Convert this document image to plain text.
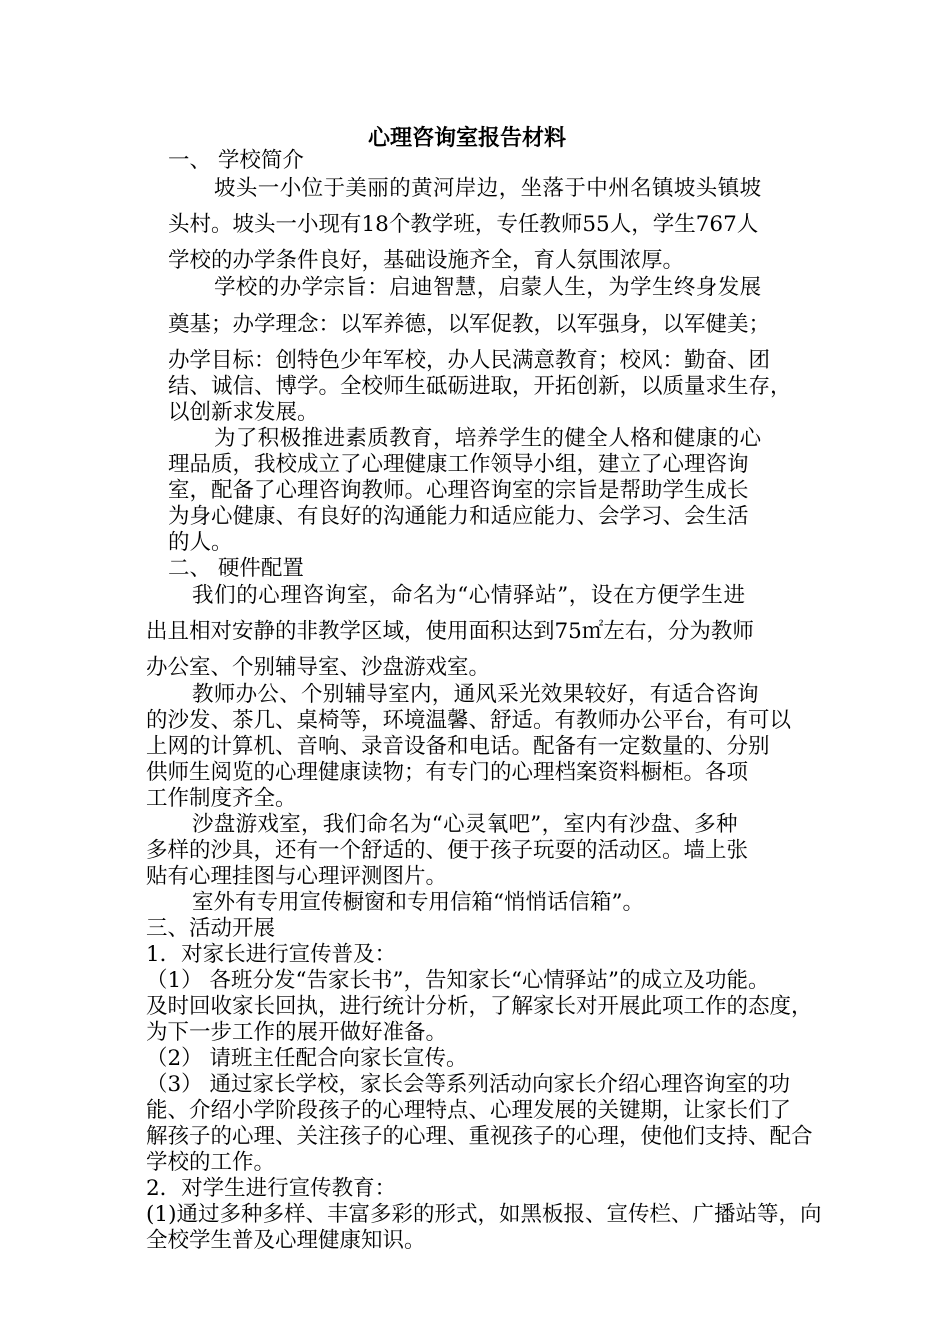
心理咨询室报告材料
一、 学校简介
坡头一小位于美丽的黄河岸边，坐落于中州名镇坡头镇坡
头村。坡头一小现有18个教学班，专任教师55人，学生767人
学校的办学条件良好，基础设施齐全，育人氛围浓厚。
学校的办学宗旨：启迪智慧，启蒙人生，为学生终身发展
奠基；办学理念：以军养德，以军促教，以军强身，以军健美；
办学目标：创特色少年军校，办人民满意教育；校风：勤奋、团
结、诚信、博学。全校师生砥砺进取，开拓创新，以质量求生存，
以创新求发展。
为了积极推进素质教育，培养学生的健全人格和健康的心
理品质，我校成立了心理健康工作领导小组，建立了心理咨询
室，配备了心理咨询教师。心理咨询室的宗旨是帮助学生成长
为身心健康、有良好的沟通能力和适应能力、会学习、会生活
的人。
二、 硬件配置
我们的心理咨询室，命名为“心情驿站”，设在方便学生进
出且相对安静的非教学区域，使用面积达到75㎡左右，分为教师
办公室、个别辅导室、沙盘游戏室。
教师办公、个别辅导室内，通风采光效果较好，有适合咨询
的沙发、茶几、桌椅等，环境温馨、舒适。有教师办公平台，有可以
上网的计算机、音响、录音设备和电话。配备有一定数量的、分别
供师生阅览的心理健康读物；有专门的心理档案资料橱柜。各项
工作制度齐全。
沙盘游戏室，我们命名为“心灵氧吧”，室内有沙盘、多种
多样的沙具，还有一个舒适的、便于孩子玩耍的活动区。墙上张
贴有心理挂图与心理评测图片。
室外有专用宣传橱窗和专用信箱“悄悄话信箱”。
三、活动开展
1．对家长进行宣传普及：
（1） 各班分发“告家长书”，告知家长“心情驿站”的成立及功能。
及时回收家长回执，进行统计分析，了解家长对开展此项工作的态度，
为下一步工作的展开做好准备。
（2） 请班主任配合向家长宣传。
（3） 通过家长学校，家长会等系列活动向家长介绍心理咨询室的功
能、介绍小学阶段孩子的心理特点、心理发展的关键期，让家长们了
解孩子的心理、关注孩子的心理、重视孩子的心理，使他们支持、配合
学校的工作。
2．对学生进行宣传教育：
(1)通过多种多样、丰富多彩的形式，如黑板报、宣传栏、广播站等，向
全校学生普及心理健康知识。
